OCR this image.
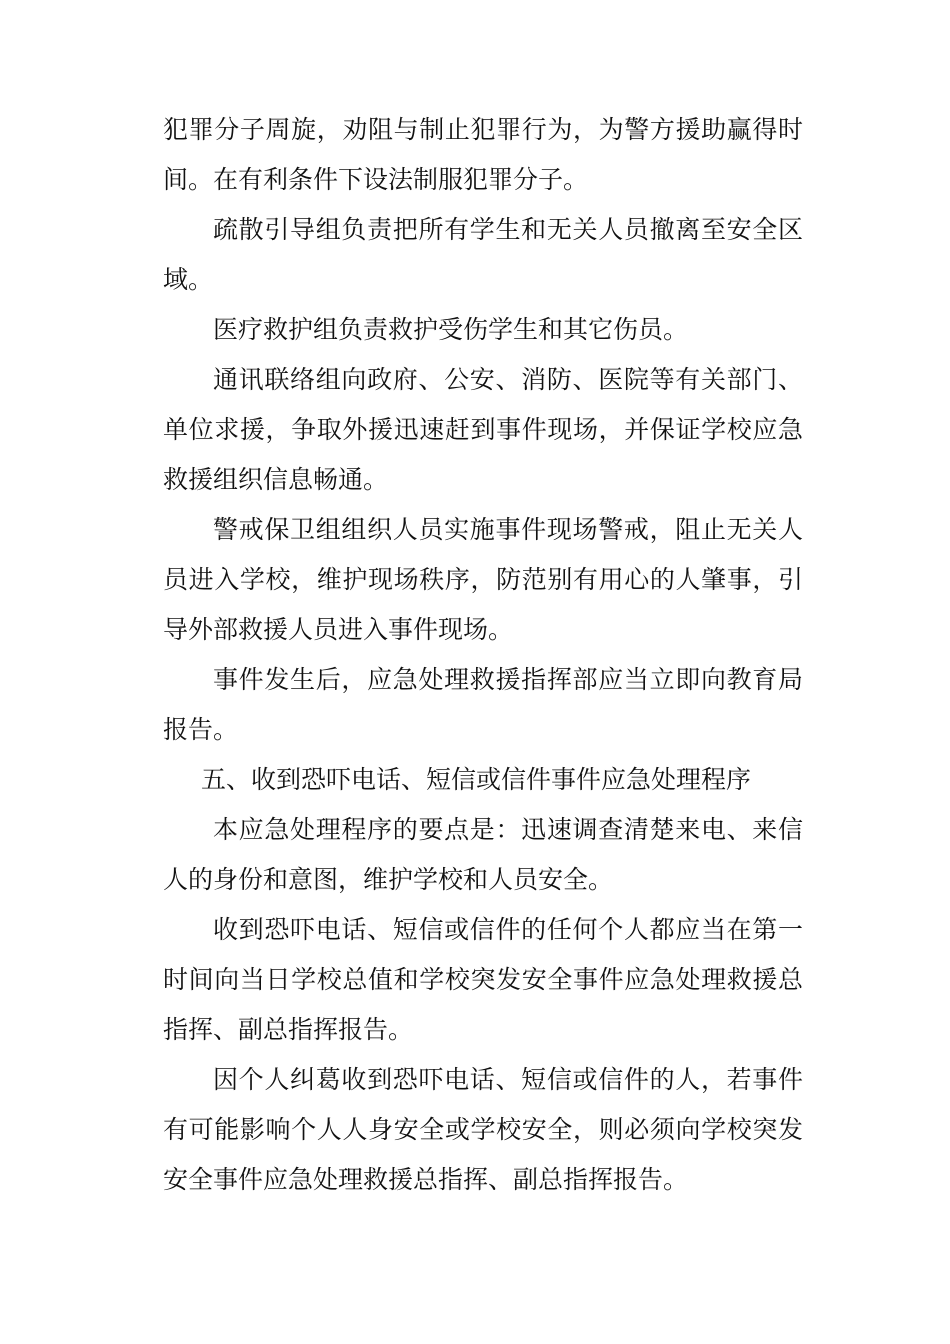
犯罪分子周旋，劝阻与制止犯罪行为，为警方援助赢得时间。在有利条件下设法制服犯罪分子。

疏散引导组负责把所有学生和无关人员撤离至安全区域。

医疗救护组负责救护受伤学生和其它伤员。

通讯联络组向政府、公安、消防、医院等有关部门、单位求援，争取外援迅速赶到事件现场，并保证学校应急救援组织信息畅通。

警戒保卫组组织人员实施事件现场警戒，阻止无关人员进入学校，维护现场秩序，防范别有用心的人肇事，引导外部救援人员进入事件现场。

事件发生后，应急处理救援指挥部应当立即向教育局报告。

五、收到恐吓电话、短信或信件事件应急处理程序

本应急处理程序的要点是：迅速调查清楚来电、来信人的身份和意图，维护学校和人员安全。

收到恐吓电话、短信或信件的任何个人都应当在第一时间向当日学校总值和学校突发安全事件应急处理救援总指挥、副总指挥报告。

因个人纠葛收到恐吓电话、短信或信件的人，若事件有可能影响个人人身安全或学校安全，则必须向学校突发安全事件应急处理救援总指挥、副总指挥报告。
